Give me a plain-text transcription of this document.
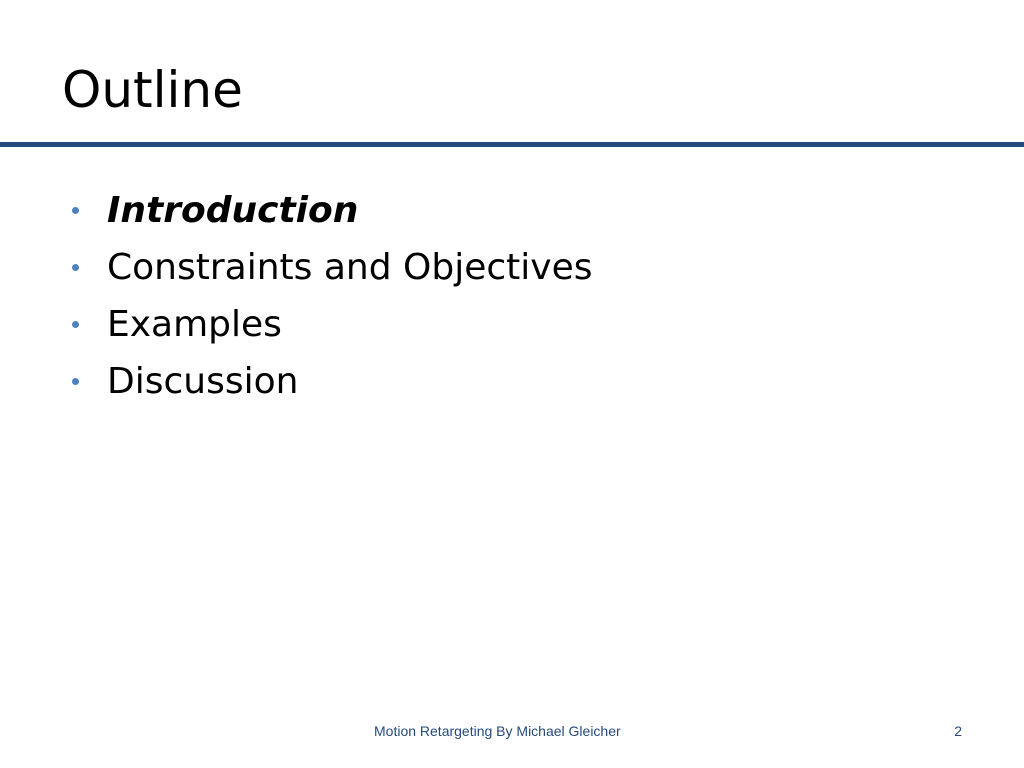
Outline
Introduction
Constraints and Objectives
Examples
Discussion
Motion Retargeting By Michael Gleicher	2
